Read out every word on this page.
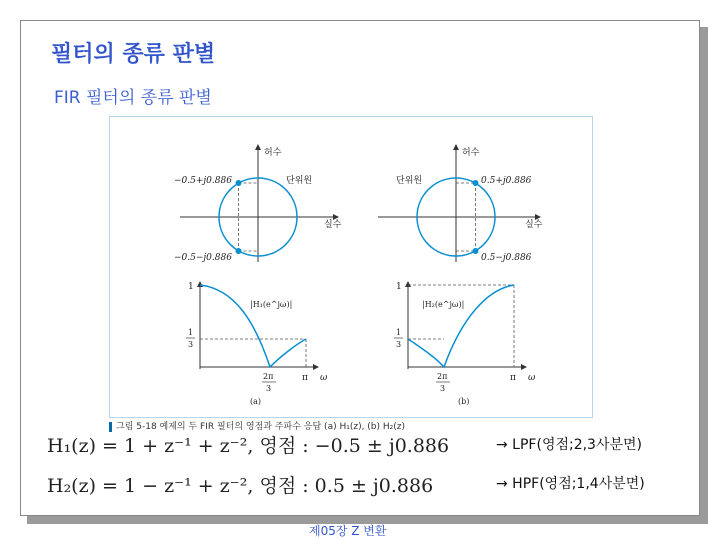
필터의 종류 판별
FIR 필터의 종류 판별
허수
실수
단위원
−0.5+j0.886
−0.5−j0.886
허수
실수
단위원	0.5+j0.886
0.5−j0.886
|H₁(e^jω)|
1
1
3
2π
3
π ω
(a)
|H₂(e^jω)|
1
1
3
2π
3
π ω
(b)
그림 5-18 예제의 두 FIR 필터의 영점과 주파수 응답 (a) H₁(z), (b) H₂(z)
H₁(z) = 1 + z⁻¹ + z⁻², 영점 : −0.5 ± j0.886	→ LPF(영점;2,3사분면)
H₂(z) = 1 − z⁻¹ + z⁻², 영점 : 0.5 ± j0.886	→ HPF(영점;1,4사분면)
제05장 Z 변환
